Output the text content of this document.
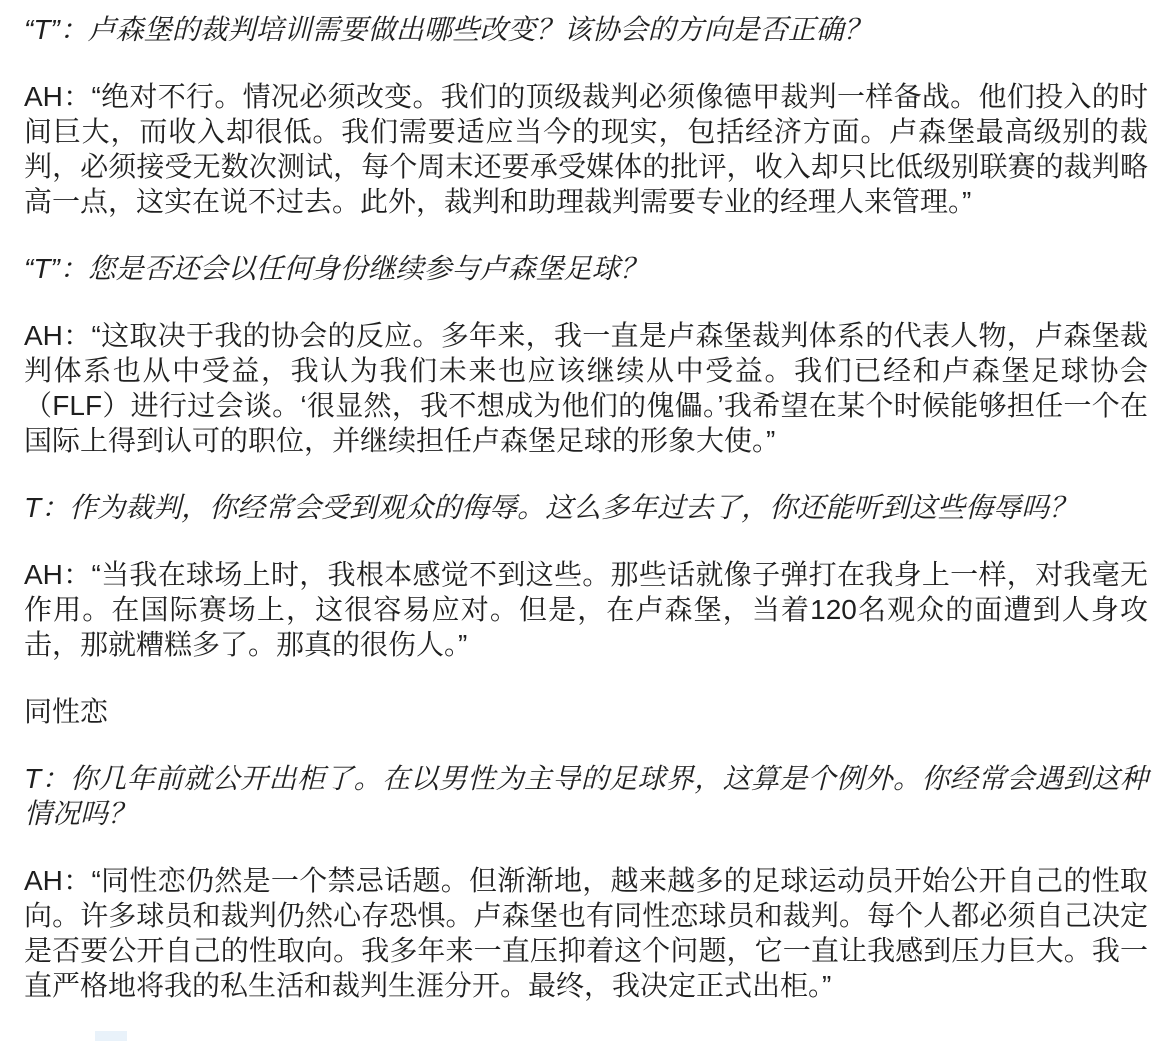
“T”：卢森堡的裁判培训需要做出哪些改变？该协会的方向是否正确？

AH：“绝对不行。情况必须改变。我们的顶级裁判必须像德甲裁判一样备战。他们投入的时间巨大，而收入却很低。我们需要适应当今的现实，包括经济方面。卢森堡最高级别的裁判，必须接受无数次测试，每个周末还要承受媒体的批评，收入却只比低级别联赛的裁判略高一点，这实在说不过去。此外，裁判和助理裁判需要专业的经理人来管理。”

“T”：您是否还会以任何身份继续参与卢森堡足球？

AH：“这取决于我的协会的反应。多年来，我一直是卢森堡裁判体系的代表人物，卢森堡裁判体系也从中受益，我认为我们未来也应该继续从中受益。我们已经和卢森堡足球协会（FLF）进行过会谈。‘很显然，我不想成为他们的傀儡。’我希望在某个时候能够担任一个在国际上得到认可的职位，并继续担任卢森堡足球的形象大使。”

T：作为裁判，你经常会受到观众的侮辱。这么多年过去了，你还能听到这些侮辱吗？

AH：“当我在球场上时，我根本感觉不到这些。那些话就像子弹打在我身上一样，对我毫无作用。在国际赛场上，这很容易应对。但是，在卢森堡，当着120名观众的面遭到人身攻击，那就糟糕多了。那真的很伤人。”

同性恋

T：你几年前就公开出柜了。在以男性为主导的足球界，这算是个例外。你经常会遇到这种情况吗？

AH：“同性恋仍然是一个禁忌话题。但渐渐地，越来越多的足球运动员开始公开自己的性取向。许多球员和裁判仍然心存恐惧。卢森堡也有同性恋球员和裁判。每个人都必须自己决定是否要公开自己的性取向。我多年来一直压抑着这个问题，它一直让我感到压力巨大。我一直严格地将我的私生活和裁判生涯分开。最终，我决定正式出柜。”
